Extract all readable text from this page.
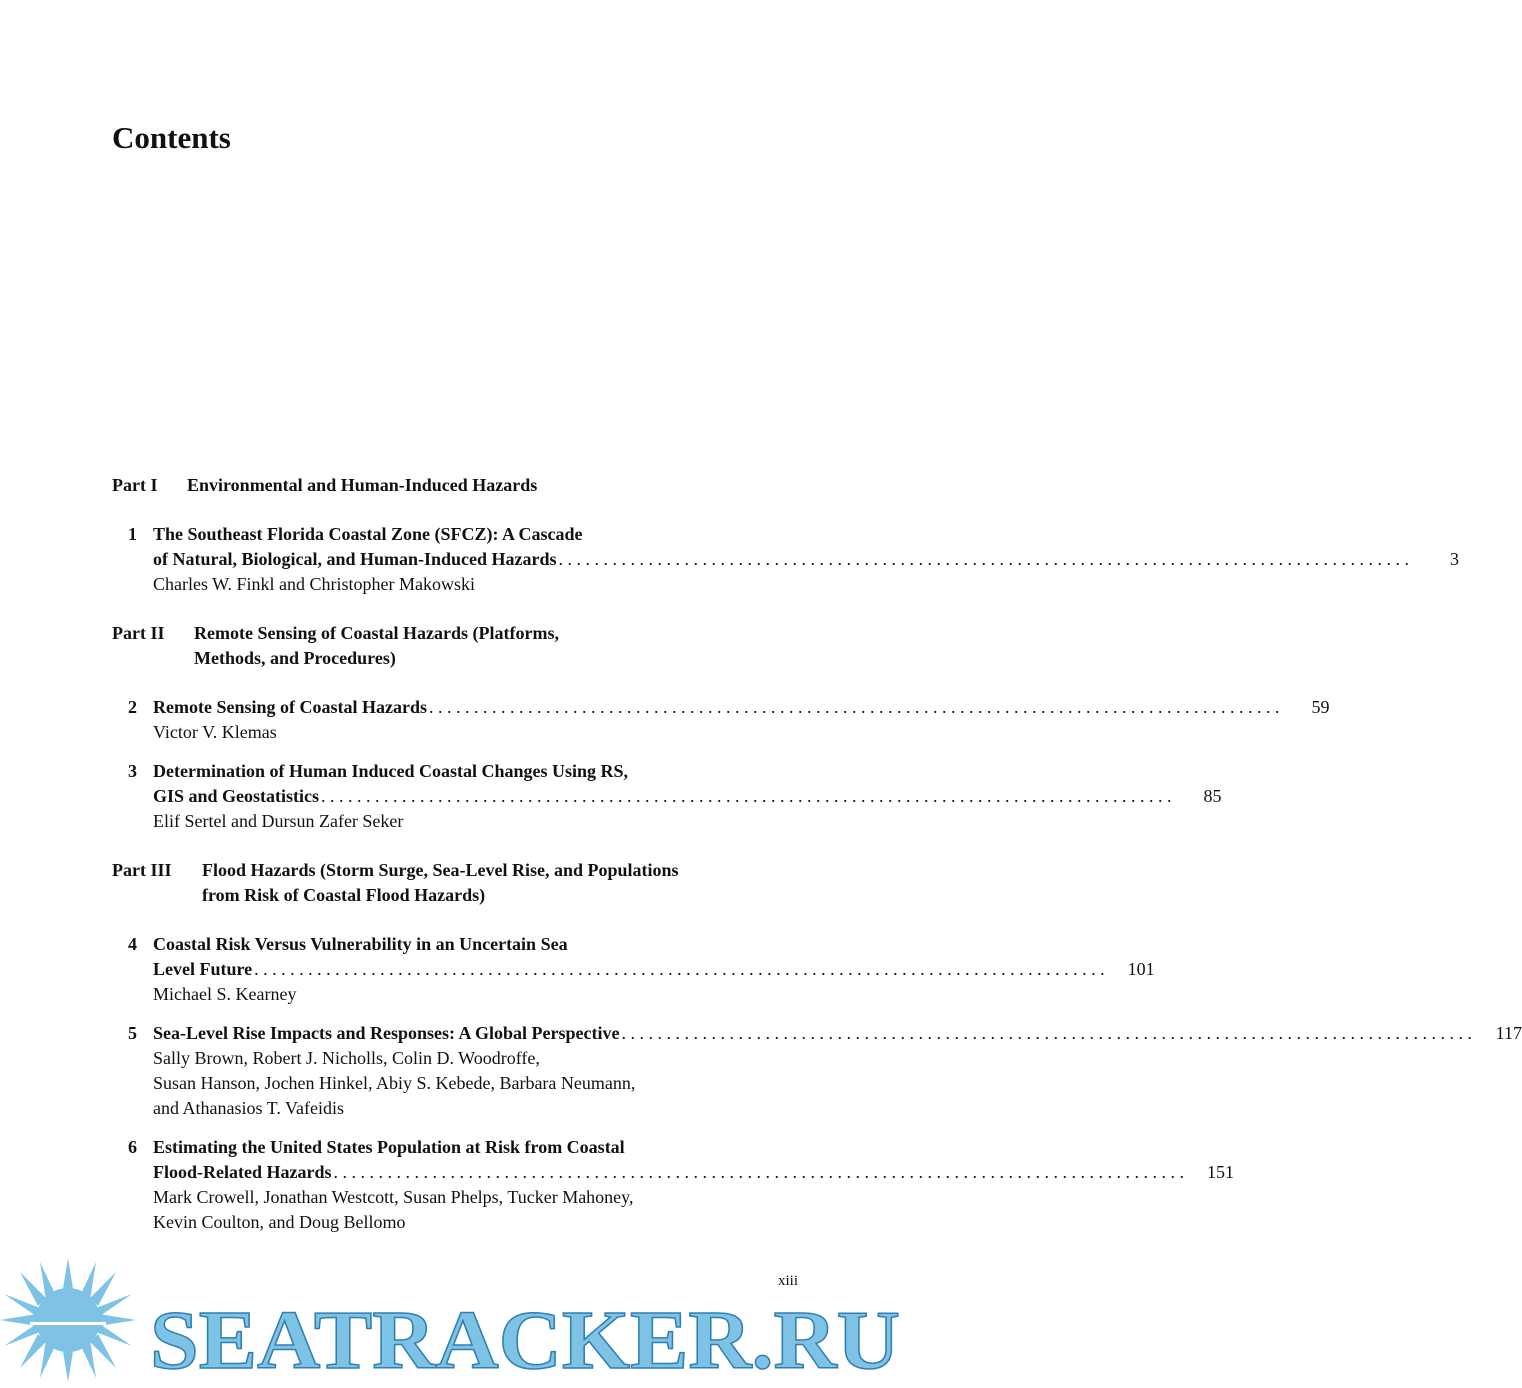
Contents
Part I	Environmental and Human-Induced Hazards
1 The Southeast Florida Coastal Zone (SFCZ): A Cascade
of Natural, Biological, and Human-Induced Hazards . . .	3
Charles W. Finkl and Christopher Makowski
Part II	Remote Sensing of Coastal Hazards (Platforms,
Methods, and Procedures)
2 Remote Sensing of Coastal Hazards . . .	59
Victor V. Klemas
3 Determination of Human Induced Coastal Changes Using RS,
GIS and Geostatistics . . .	85
Elif Sertel and Dursun Zafer Seker
Part III	Flood Hazards (Storm Surge, Sea-Level Rise, and Populations
from Risk of Coastal Flood Hazards)
4 Coastal Risk Versus Vulnerability in an Uncertain Sea
Level Future . . .	101
Michael S. Kearney
5 Sea-Level Rise Impacts and Responses: A Global Perspective . . .	117
Sally Brown, Robert J. Nicholls, Colin D. Woodroffe,
Susan Hanson, Jochen Hinkel, Abiy S. Kebede, Barbara Neumann,
and Athanasios T. Vafeidis
6 Estimating the United States Population at Risk from Coastal
Flood-Related Hazards . . .	151
Mark Crowell, Jonathan Westcott, Susan Phelps, Tucker Mahoney,
Kevin Coulton, and Doug Bellomo
SEATRACKER.RU
xiii
